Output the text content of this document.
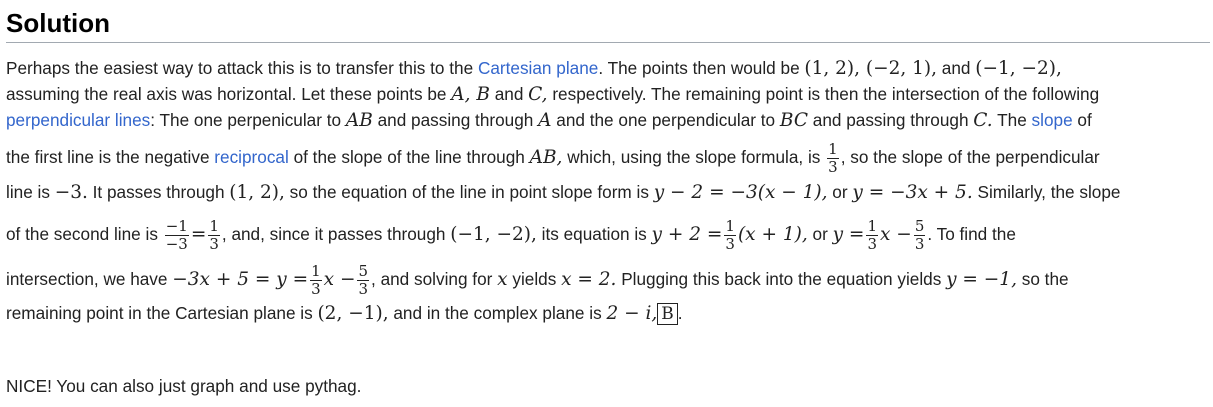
Solution
Perhaps the easiest way to attack this is to transfer this to the Cartesian plane. The points then would be (1, 2), (−2, 1), and (−1, −2),
assuming the real axis was horizontal. Let these points be A, B and C, respectively. The remaining point is then the intersection of the following
perpendicular lines: The one perpenicular to AB and passing through A and the one perpendicular to BC and passing through C. The slope of
the first line is the negative reciprocal of the slope of the line through AB, which, using the slope formula, is $\frac{1}{3}$ , so the slope of the perpendicular
line is −3. It passes through (1, 2), so the equation of the line in point slope form is y − 2 = −3(x − 1), or y = −3x + 5. Similarly, the slope
of the second line is $\frac{-1}{-3} = \frac{1}{3}$ , and, since it passes through (−1, −2), its equation is $y + 2 = \frac{1}{3} (x + 1)$, or $y = \frac{1}{3}$ $x - \frac{5}{3}$ . To find the
intersection, we have $-3x + 5 = y = \frac{1}{3}$ $x - \frac{5}{3}$ , and solving for x yields x = 2. Plugging this back into the equation yields y = −1, so the
remaining point in the Cartesian plane is (2, −1), and in the complex plane is 2 − i, B .
NICE! You can also just graph and use pythag.
